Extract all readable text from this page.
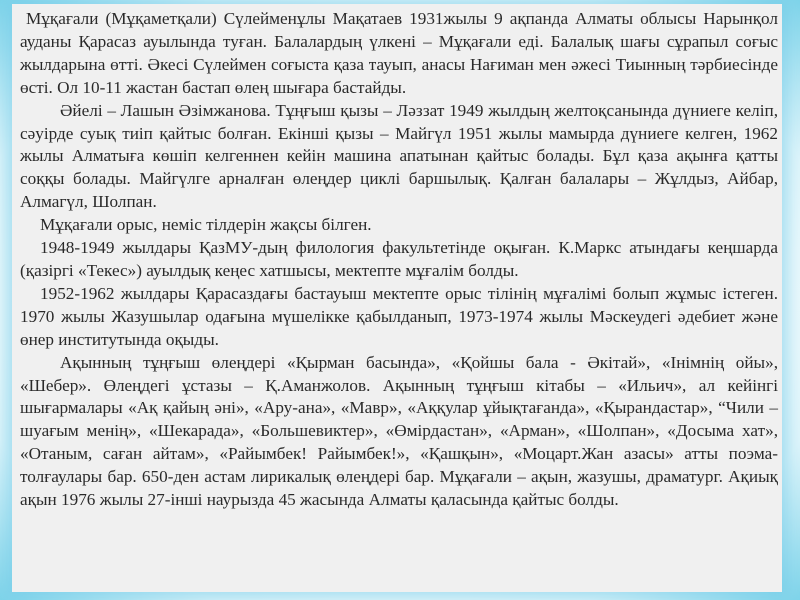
Мұқағали (Мұқаметқали) Сүлейменұлы Мақатаев 1931жылы 9 ақпанда Алматы облысы Нарынқол ауданы Қарасаз ауылында туған. Балалардың үлкені – Мұқағали еді. Балалық шағы сұрапыл соғыс жылдарына өтті. Әкесі Сүлеймен соғыста қаза тауып, анасы Нағиман мен әжесі Тиынның тәрбиесінде өсті. Ол 10-11 жастан бастап өлең шығара бастайды.

Әйелі – Лашын Әзімжанова. Тұңғыш қызы – Ләззат 1949 жылдың желтоқсанында дүниеге келіп, сәуірде суық тиіп қайтыс болған. Екінші қызы – Майгүл 1951 жылы мамырда дүниеге келген, 1962 жылы Алматыға көшіп келгеннен кейін машина апатынан қайтыс болады. Бұл қаза ақынға қатты соққы болады. Майгүлге арналған өлеңдер циклі баршылық. Қалған балалары – Жұлдыз, Айбар, Алмагүл, Шолпан.

Мұқағали орыс, неміс тілдерін жақсы білген.

1948-1949 жылдары ҚазМУ-дың филология факультетінде оқыған. К.Маркс атындағы кеңшарда (қазіргі «Текес») ауылдық кеңес хатшысы, мектепте мұғалім болды.

1952-1962 жылдары Қарасаздағы бастауыш мектепте орыс тілінің мұғалімі болып жұмыс істеген. 1970 жылы Жазушылар одағына мүшелікке қабылданып, 1973-1974 жылы Мәскеудегі әдебиет және өнер институтында оқыды.

Ақынның тұңғыш өлеңдері «Қырман басында», «Қойшы бала - Әкітай», «Інімнің ойы», «Шебер». Өлеңдегі ұстазы – Қ.Аманжолов. Ақынның тұңғыш кітабы – «Ильич», ал кейінгі шығармалары «Ақ қайың әні», «Ару-ана», «Мавр», «Аққулар ұйықтағанда», «Қырандастар», “Чили – шуағым менің», «Шекарада», «Большевиктер», «Өмірдастан», «Арман», «Шолпан», «Досыма хат», «Отаным, саған айтам», «Райымбек! Райымбек!», «Қашқын», «Моцарт.Жан азасы» атты поэма-толғаулары бар. 650-ден астам лирикалық өлеңдері бар. Мұқағали – ақын, жазушы, драматург. Ақиық ақын 1976 жылы 27-інші наурызда 45 жасында Алматы қаласында қайтыс болды.
